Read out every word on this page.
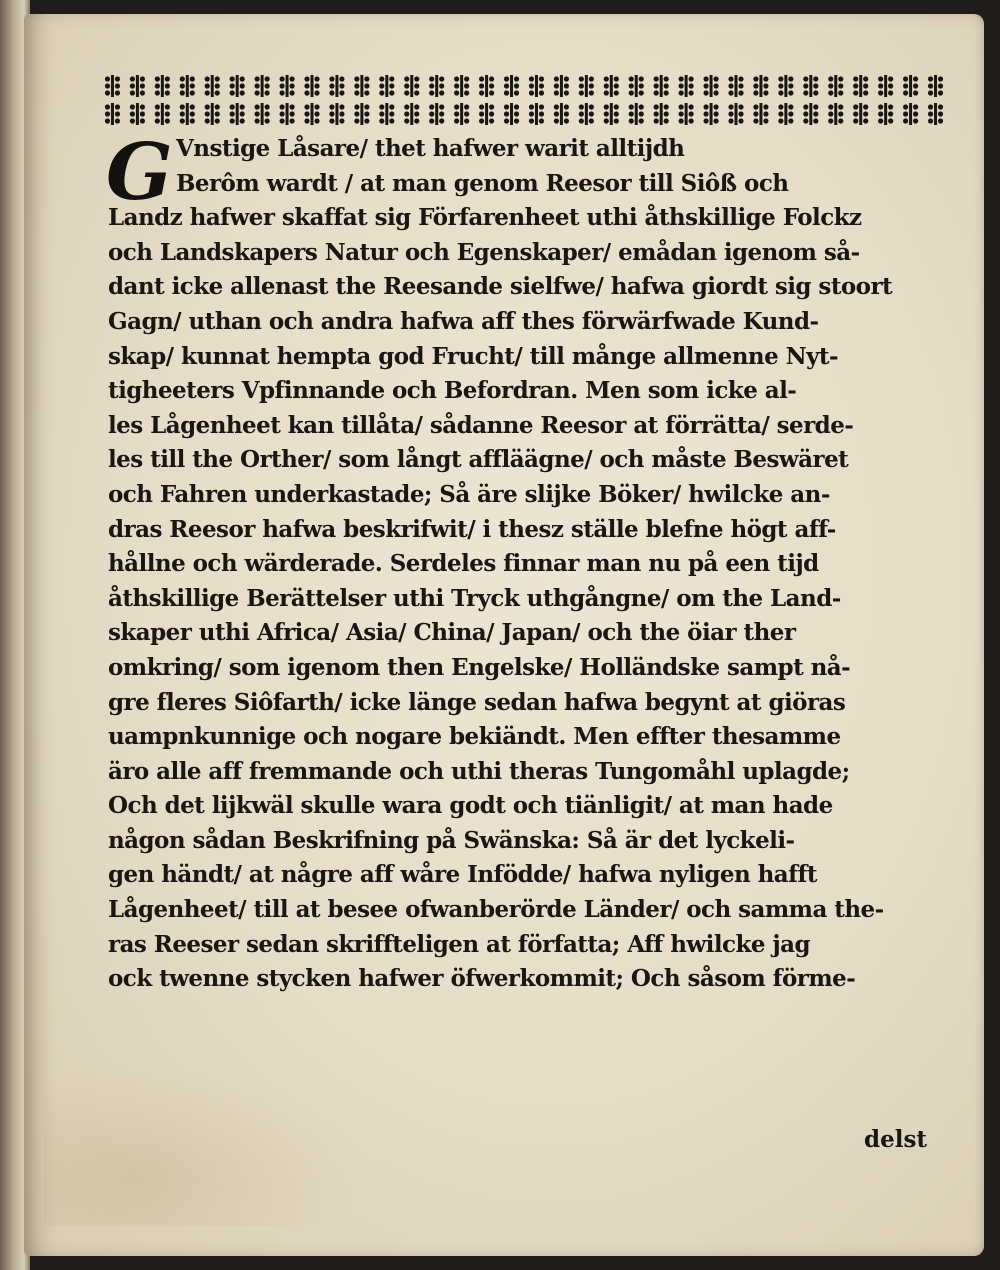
G Vnstige Låsare/ thet hafwer warit alltijdh
Berôm wardt / at man genom Reesor till Siôß och
Landz hafwer skaffat sig Förfarenheet uthi åthskillige Folckz
och Landskapers Natur och Egenskaper/ emådan igenom så-
dant icke allenast the Reesande sielfwe/ hafwa giordt sig stoort
Gagn/ uthan och andra hafwa aff thes förwärfwade Kund-
skap/ kunnat hempta god Frucht/ till månge allmenne Nyt-
tigheeters Vpfinnande och Befordran. Men som icke al-
les Lågenheet kan tillåta/ sådanne Reesor at förrätta/ serde-
les till the Orther/ som långt affläägne/ och måste Beswäret
och Fahren underkastade; Så äre slijke Böker/ hwilcke an-
dras Reesor hafwa beskrifwit/ i thesz ställe blefne högt aff-
hållne och wärderade. Serdeles finnar man nu på een tijd
åthskillige Berättelser uthi Tryck uthgångne/ om the Land-
skaper uthi Africa/ Asia/ China/ Japan/ och the öiar ther
omkring/ som igenom then Engelske/ Holländske sampt nå-
gre fleres Siôfarth/ icke länge sedan hafwa begynt at giöras
uampnkunnige och nogare bekiändt. Men effter thesamme
äro alle aff fremmande och uthi theras Tungomåhl uplagde;
Och det lijkwäl skulle wara godt och tiänligit/ at man hade
någon sådan Beskrifning på Swänska: Så är det lyckeli-
gen händt/ at någre aff wåre Infödde/ hafwa nyligen hafft
Lågenheet/ till at besee ofwanberörde Länder/ och samma the-
ras Reeser sedan skriffteligen at författa; Aff hwilcke jag
ock twenne stycken hafwer öfwerkommit; Och såsom förme-
delst
